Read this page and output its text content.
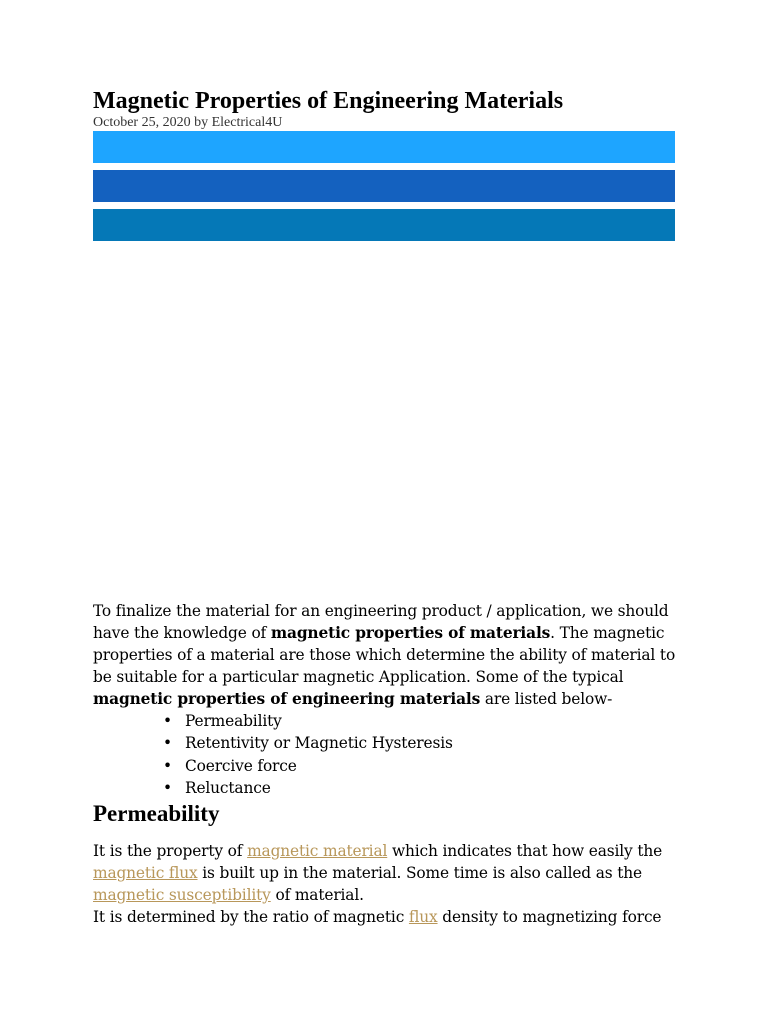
Magnetic Properties of Engineering Materials
October 25, 2020 by Electrical4U

To finalize the material for an engineering product / application, we should have the knowledge of magnetic properties of materials. The magnetic properties of a material are those which determine the ability of material to be suitable for a particular magnetic Application. Some of the typical magnetic properties of engineering materials are listed below-

• Permeability
• Retentivity or Magnetic Hysteresis
• Coercive force
• Reluctance
Permeability

It is the property of magnetic material which indicates that how easily the
magnetic flux is built up in the material. Some time is also called as the
magnetic susceptibility of material.
It is determined by the ratio of magnetic flux density to magnetizing force
